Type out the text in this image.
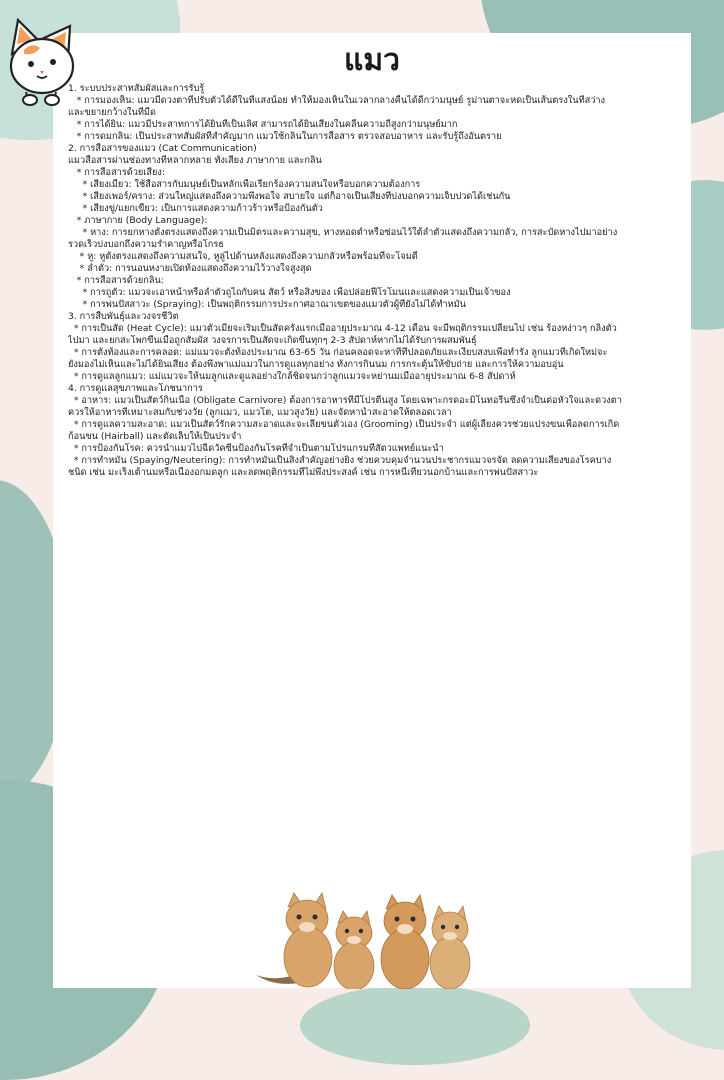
แมว
1. ระบบประสาทสัมผัสและการรับรู้
* การมองเห็น: แมวมีดวงตาที่ปรับตัวได้ดีในที่แสงน้อย ทำให้มองเห็นในเวลากลางคืนได้ดีกว่ามนุษย์ รูม่านตาจะหดเป็นเส้นตรงในที่สว่าง
และขยายกว้างในที่มืด
* การได้ยิน: แมวมีประสาทการได้ยินที่เป็นเลิศ สามารถได้ยินเสียงในคลื่นความถี่สูงกว่ามนุษย์มาก
* การดมกลิ่น: เป็นประสาทสัมผัสที่สำคัญมาก แมวใช้กลิ่นในการสื่อสาร ตรวจสอบอาหาร และรับรู้ถึงอันตราย
2. การสื่อสารของแมว (Cat Communication)
แมวสื่อสารผ่านช่องทางที่หลากหลาย ทั้งเสียง ภาษากาย และกลิ่น
* การสื่อสารด้วยเสียง:
* เสียงเมี้ยว: ใช้สื่อสารกับมนุษย์เป็นหลักเพื่อเรียกร้องความสนใจหรือบอกความต้องการ
* เสียงเพอร์/คราง: ส่วนใหญ่แสดงถึงความพึงพอใจ สบายใจ แต่ก็อาจเป็นเสียงที่บ่งบอกความเจ็บปวดได้เช่นกัน
* เสียงขู่/แยกเขี้ยว: เป็นการแสดงความก้าวร้าวหรือป้องกันตัว
* ภาษากาย (Body Language):
* หาง: การยกหางตั้งตรงแสดงถึงความเป็นมิตรและความสุข, หางหอดต่ำหรือซ่อนไว้ใต้ลำตัวแสดงถึงความกลัว, การสะบัดหางไปมาอย่าง
รวดเร็วบ่งบอกถึงความรำคาญหรือโกรธ
* หู: หูตั้งตรงแสดงถึงความสนใจ, หูลู่ไปด้านหลังแสดงถึงความกลัวหรือพร้อมที่จะโจมตี
* ลำตัว: การนอนหงายเปิดท้องแสดงถึงความไว้วางใจสูงสุด
* การสื่อสารด้วยกลิ่น:
* การถูตัว: แมวจะเอาหน้าหรือลำตัวถูไถกับคน สัตว์ หรือสิ่งของ เพื่อปล่อยฟีโรโมนและแสดงความเป็นเจ้าของ
* การพ่นปัสสาวะ (Spraying): เป็นพฤติกรรมการประกาศอาณาเขตของแมวตัวผู้ที่ยังไม่ได้ทำหมัน
3. การสืบพันธุ์และวงจรชีวิต
* การเป็นสัด (Heat Cycle): แมวตัวเมียจะเริ่มเป็นสัดครั้งแรกเมื่ออายุประมาณ 4-12 เดือน จะมีพฤติกรรมเปลี่ยนไป เช่น ร้องหง่าวๆ กลิ้งตัว
ไปมา และยกสะโพกขึ้นเมื่อถูกสัมผัส วงจรการเป็นสัดจะเกิดขึ้นทุกๆ 2-3 สัปดาห์หากไม่ได้รับการผสมพันธุ์
* การตั้งท้องและการคลอด: แม่แมวจะตั้งท้องประมาณ 63-65 วัน ก่อนคลอดจะหาที่ที่ปลอดภัยและเงียบสงบเพื่อทำรัง ลูกแมวที่เกิดใหม่จะ
ยังมองไม่เห็นและไม่ได้ยินเสียง ต้องพึ่งพาแม่แมวในการดูแลทุกอย่าง ทั้งการกินนม การกระตุ้นให้ขับถ่าย และการให้ความอบอุ่น
* การดูแลลูกแมว: แม่แมวจะให้นมลูกและดูแลอย่างใกล้ชิดจนกว่าลูกแมวจะหย่านมเมื่ออายุประมาณ 6-8 สัปดาห์
4. การดูแลสุขภาพและโภชนาการ
* อาหาร: แมวเป็นสัตว์กินเนื้อ (Obligate Carnivore) ต้องการอาหารที่มีโปรตีนสูง โดยเฉพาะกรดอะมิโนทอรีนซึ่งจำเป็นต่อหัวใจและดวงตา
ควรให้อาหารที่เหมาะสมกับช่วงวัย (ลูกแมว, แมวโต, แมวสูงวัย) และจัดหาน้ำสะอาดให้ตลอดเวลา
* การดูแลความสะอาด: แมวเป็นสัตว์รักความสะอาดและจะเลียขนตัวเอง (Grooming) เป็นประจำ แต่ผู้เลี้ยงควรช่วยแปรงขนเพื่อลดการเกิด
ก้อนขน (Hairball) และตัดเล็บให้เป็นประจำ
* การป้องกันโรค: ควรนำแมวไปฉีดวัคซีนป้องกันโรคที่จำเป็นตามโปรแกรมที่สัตวแพทย์แนะนำ
* การทำหมัน (Spaying/Neutering): การทำหมันเป็นสิ่งสำคัญอย่างยิ่ง ช่วยควบคุมจำนวนประชากรแมวจรจัด ลดความเสี่ยงของโรคบาง
ชนิด เช่น มะเร็งเต้านมหรือเนื้องอกมดลูก และลดพฤติกรรมที่ไม่พึงประสงค์ เช่น การหนีเที่ยวนอกบ้านและการพ่นปัสสาวะ
